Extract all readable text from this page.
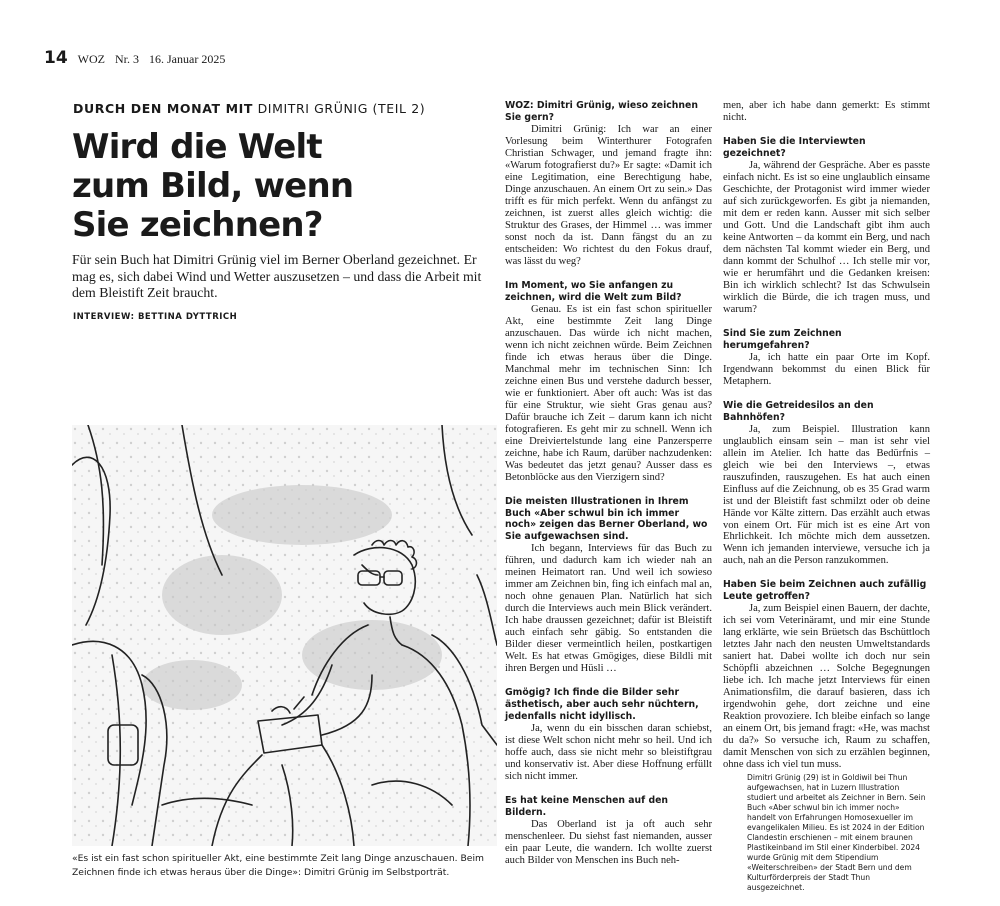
14 WOZ Nr. 3 16. Januar 2025
DURCH DEN MONAT MIT DIMITRI GRÜNIG (TEIL 2)
Wird die Welt
zum Bild, wenn
Sie zeichnen?

Für sein Buch hat Dimitri Grünig viel im Berner Oberland gezeichnet. Er mag es, sich dabei Wind und Wetter auszusetzen – und dass die Arbeit mit dem Bleistift Zeit braucht.

INTERVIEW: BETTINA DYTTRICH

«Es ist ein fast schon spiritueller Akt, eine bestimmte Zeit lang Dinge anzuschauen. Beim Zeichnen finde ich etwas heraus über die Dinge»: Dimitri Grünig im Selbstporträt.

WOZ: Dimitri Grünig, wieso zeichnen Sie gern?

Dimitri Grünig: Ich war an einer Vorlesung beim Winterthurer Fotografen Christian Schwager, und jemand fragte ihn: «Warum fotografierst du?» Er sagte: «Damit ich eine Legitimation, eine Berechtigung habe, Dinge anzuschauen. An einem Ort zu sein.» Das trifft es für mich perfekt. Wenn du anfängst zu zeichnen, ist zuerst alles gleich wichtig: die Struktur des Grases, der Himmel … was immer sonst noch da ist. Dann fängst du an zu entscheiden: Wo richtest du den Fokus drauf, was lässt du weg?

Im Moment, wo Sie anfangen zu zeichnen, wird die Welt zum Bild?

Genau. Es ist ein fast schon spiritueller Akt, eine bestimmte Zeit lang Dinge anzuschauen. Das würde ich nicht machen, wenn ich nicht zeichnen würde. Beim Zeichnen finde ich etwas heraus über die Dinge. Manchmal mehr im technischen Sinn: Ich zeichne einen Bus und verstehe dadurch besser, wie er funktioniert. Aber oft auch: Was ist das für eine Struktur, wie sieht Gras genau aus? Dafür brauche ich Zeit – darum kann ich nicht fotografieren. Es geht mir zu schnell. Wenn ich eine Dreiviertelstunde lang eine Panzersperre zeichne, habe ich Raum, darüber nachzudenken: Was bedeutet das jetzt genau? Ausser dass es Betonblöcke aus den Vierzigern sind?

Die meisten Illustrationen in Ihrem Buch «Aber schwul bin ich immer noch» zeigen das Berner Oberland, wo Sie aufgewachsen sind.

Ich begann, Interviews für das Buch zu führen, und dadurch kam ich wieder nah an meinen Heimatort ran. Und weil ich sowieso immer am Zeichnen bin, fing ich einfach mal an, noch ohne genauen Plan. Natürlich hat sich durch die Interviews auch mein Blick verändert. Ich habe draussen gezeichnet; dafür ist Bleistift auch einfach sehr gäbig. So entstanden die Bilder dieser vermeintlich heilen, postkartigen Welt. Es hat etwas Gmögiges, diese Bildli mit ihren Bergen und Hüsli …

Gmögig? Ich finde die Bilder sehr ästhetisch, aber auch sehr nüchtern, jedenfalls nicht idyllisch.

Ja, wenn du ein bisschen daran schiebst, ist diese Welt schon nicht mehr so heil. Und ich hoffe auch, dass sie nicht mehr so bleistiftgrau und konservativ ist. Aber diese Hoffnung erfüllt sich nicht immer.

Es hat keine Menschen auf den Bildern.

Das Oberland ist ja oft auch sehr menschenleer. Du siehst fast niemanden, ausser ein paar Leute, die wandern. Ich wollte zuerst auch Bilder von Menschen ins Buch neh-

men, aber ich habe dann gemerkt: Es stimmt nicht.

Haben Sie die Interviewten gezeichnet?

Ja, während der Gespräche. Aber es passte einfach nicht. Es ist so eine unglaublich einsame Geschichte, der Protagonist wird immer wieder auf sich zurückgeworfen. Es gibt ja niemanden, mit dem er reden kann. Ausser mit sich selber und Gott. Und die Landschaft gibt ihm auch keine Antworten – da kommt ein Berg, und nach dem nächsten Tal kommt wieder ein Berg, und dann kommt der Schulhof … Ich stelle mir vor, wie er herumfährt und die Gedanken kreisen: Bin ich wirklich schlecht? Ist das Schwulsein wirklich die Bürde, die ich tragen muss, und warum?

Sind Sie zum Zeichnen herumgefahren?

Ja, ich hatte ein paar Orte im Kopf. Irgendwann bekommst du einen Blick für Metaphern.

Wie die Getreidesilos an den Bahnhöfen?

Ja, zum Beispiel. Illustration kann unglaublich einsam sein – man ist sehr viel allein im Atelier. Ich hatte das Bedürfnis – gleich wie bei den Interviews –, etwas rauszufinden, rauszugehen. Es hat auch einen Einfluss auf die Zeichnung, ob es 35 Grad warm ist und der Bleistift fast schmilzt oder ob deine Hände vor Kälte zittern. Das erzählt auch etwas von einem Ort. Für mich ist es eine Art von Ehrlichkeit. Ich möchte mich dem aussetzen. Wenn ich jemanden interviewe, versuche ich ja auch, nah an die Person ranzukommen.

Haben Sie beim Zeichnen auch zufällig Leute getroffen?

Ja, zum Beispiel einen Bauern, der dachte, ich sei vom Veterinäramt, und mir eine Stunde lang erklärte, wie sein Brüetsch das Bschüttloch letztes Jahr nach den neusten Umweltstandards saniert hat. Dabei wollte ich doch nur sein Schöpfli abzeichnen … Solche Begegnungen liebe ich. Ich mache jetzt Interviews für einen Animationsfilm, die darauf basieren, dass ich irgendwohin gehe, dort zeichne und eine Reaktion provoziere. Ich bleibe einfach so lange an einem Ort, bis jemand fragt: «He, was machst du da?» So versuche ich, Raum zu schaffen, damit Menschen von sich zu erzählen beginnen, ohne dass ich viel tun muss.

Dimitri Grünig (29) ist in Goldiwil bei Thun aufgewachsen, hat in Luzern Illustration studiert und arbeitet als Zeichner in Bern. Sein Buch «Aber schwul bin ich immer noch» handelt von Erfahrungen Homosexueller im evangelikalen Milieu. Es ist 2024 in der Edition Clandestin erschienen – mit einem braunen Plastikeinband im Stil einer Kinderbibel. 2024 wurde Grünig mit dem Stipendium «Weiterschreiben» der Stadt Bern und dem Kulturförderpreis der Stadt Thun ausgezeichnet.
